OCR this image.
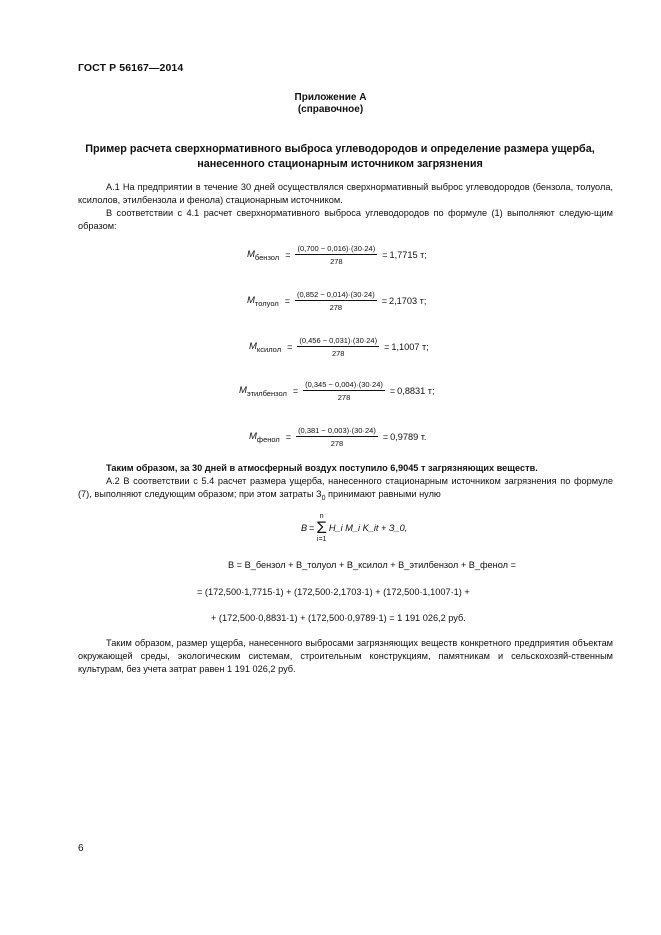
ГОСТ Р 56167—2014
Приложение А
(справочное)
Пример расчета сверхнормативного выброса углеводородов и определение размера ущерба,
нанесенного стационарным источником загрязнения
А.1 На предприятии в течение 30 дней осуществлялся сверхнормативный выброс углеводородов (бензола, толуола, ксилолов, этилбензола и фенола) стационарным источником.
В соответствии с 4.1 расчет сверхнормативного выброса углеводородов по формуле (1) выполняют следую-щим образом:
$M_{бензол} = \frac{(0,700 - 0,016)\cdot(30\cdot 24)}{278} = 1,7715$ т;
$M_{толуол} = \frac{(0,852 - 0,014)\cdot(30\cdot 24)}{278} = 2,1703$ т;
$M_{ксилол} = \frac{(0,456 - 0,031)\cdot(30\cdot 24)}{278} = 1,1007$ т;
$M_{этилбензол} = \frac{(0,345 - 0,004)\cdot(30\cdot 24)}{278} = 0,8831$ т;
$M_{фенол} = \frac{(0,381 - 0,003)\cdot(30\cdot 24)}{278} = 0,9789$ т.
Таким образом, за 30 дней в атмосферный воздух поступило 6,9045 т загрязняющих веществ.
А.2 В соответствии с 5.4 расчет размера ущерба, нанесенного стационарным источником загрязнения по формуле (7), выполняют следующим образом; при этом затраты $З_0$ принимают равными нулю
B =
n
Σ
i=1
H_i M_i K_it + З_0,
B = B_бензол + B_толуол + B_ксилол + B_этилбензол + B_фенол =
= (172,500·1,7715·1) + (172,500·2,1703·1) + (172,500·1,1007·1) +
+ (172,500·0,8831·1) + (172,500·0,9789·1) = 1 191 026,2 руб.
Таким образом, размер ущерба, нанесенного выбросами загрязняющих веществ конкретного предприятия объектам окружающей среды, экологическим системам, строительным конструкциям, памятникам и сельскохозяй-ственным культурам, без учета затрат равен 1 191 026,2 руб.
6
